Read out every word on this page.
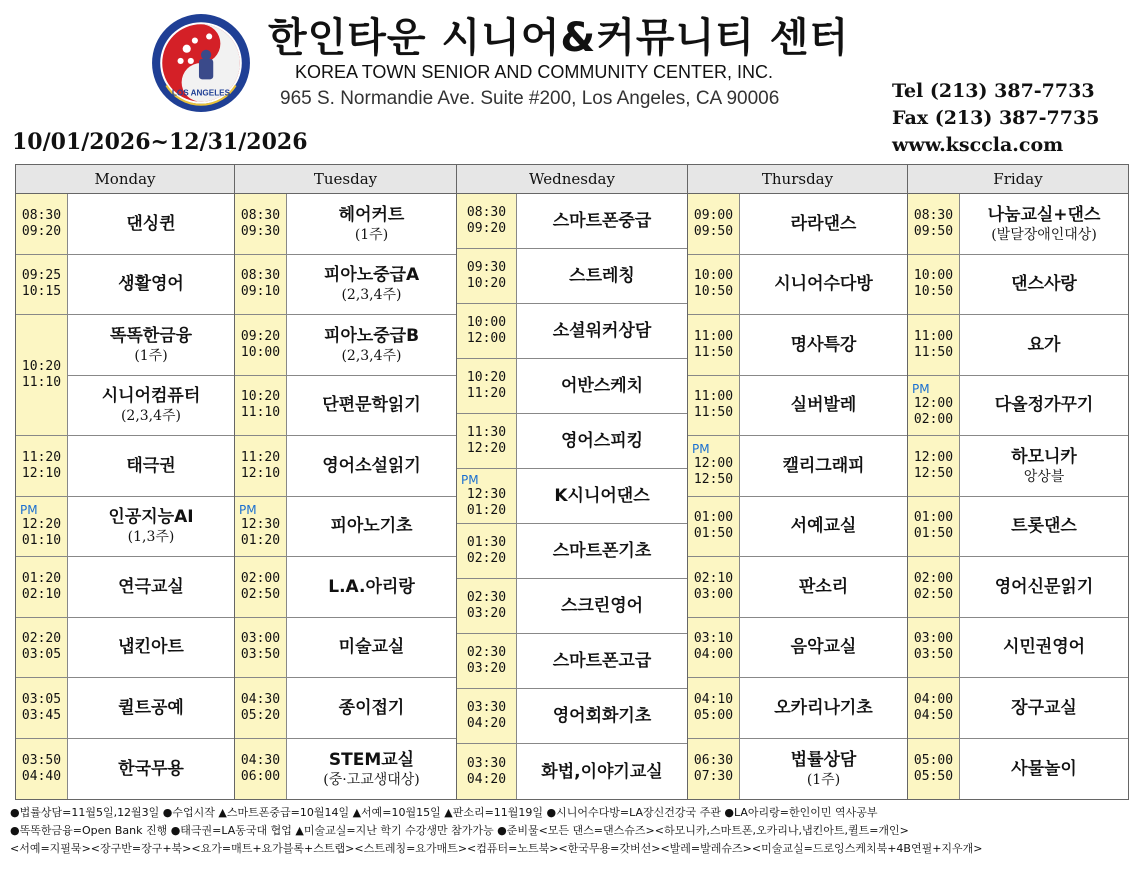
LOS ANGELES
한인타운 시니어&커뮤니티 센터
KOREA TOWN SENIOR AND COMMUNITY CENTER, INC.
965 S. Normandie Ave. Suite #200, Los Angeles, CA 90006	Tel (213) 387-7733
Fax (213) 387-7735
www.kscсla.com
10/01/2026~12/31/2026
Monday
댄싱퀸
08:30
09:20
생활영어
09:25
10:15
똑똑한금융
(1주)
시니어컴퓨터
(2,3,4주)
10:20
11:10
태극권
11:20
12:10
인공지능AI
(1,3주)
PM
12:20
01:10
연극교실
01:20
02:10
냅킨아트
02:20
03:05
퀼트공예
03:05
03:45
한국무용
03:50
04:40
Tuesday
헤어커트
(1주)
08:30
09:30
피아노중급A
(2,3,4주)
08:30
09:10
피아노중급B
(2,3,4주)
09:20
10:00
단편문학읽기
10:20
11:10
영어소설읽기
11:20
12:10
피아노기초
PM
12:30
01:20
L.A.아리랑
02:00
02:50
미술교실
03:00
03:50
종이접기
04:30
05:20
STEM교실
(중·고교생대상)
04:30
06:00
Wednesday
스마트폰중급
08:30
09:20
스트레칭
09:30
10:20
소셜워커상담
10:00
12:00
어반스케치
10:20
11:20
영어스피킹
11:30
12:20
K시니어댄스
PM
12:30
01:20
스마트폰기초
01:30
02:20
스크린영어
02:30
03:20
스마트폰고급
02:30
03:20
영어회화기초
03:30
04:20
화법,이야기교실
03:30
04:20
Thursday
라라댄스
09:00
09:50
시니어수다방
10:00
10:50
명사특강
11:00
11:50
실버발레
11:00
11:50
캘리그래피
PM
12:00
12:50
서예교실
01:00
01:50
판소리
02:10
03:00
음악교실
03:10
04:00
오카리나기초
04:10
05:00
법률상담
(1주)
06:30
07:30
Friday
나눔교실+댄스
(발달장애인대상)
08:30
09:50
댄스사랑
10:00
10:50
요가
11:00
11:50
다올정가꾸기
PM
12:00
02:00
하모니카
앙상블
12:00
12:50
트롯댄스
01:00
01:50
영어신문읽기
02:00
02:50
시민권영어
03:00
03:50
장구교실
04:00
04:50
사물놀이
05:00
05:50
●법률상담=11월5일,12월3일 ●수업시작 ▲스마트폰중급=10월14일 ▲서예=10월15일 ▲판소리=11월19일 ●시니어수다방=LA장신건강국 주관 ●LA아리랑=한인이민 역사공부
●똑똑한금융=Open Bank 진행 ●태극권=LA동국대 협업 ▲미술교실=지난 학기 수강생만 참가가능 ●준비물<모든 댄스=댄스슈즈><하모니카,스마트폰,오카리나,냅킨아트,퀼트=개인>
<서예=지필묵><장구반=장구+북><요가=매트+요가블록+스트랩><스트레칭=요가매트><컴퓨터=노트북><한국무용=갓버선><발레=발레슈즈><미술교실=드로잉스케치북+4B연필+지우개>
